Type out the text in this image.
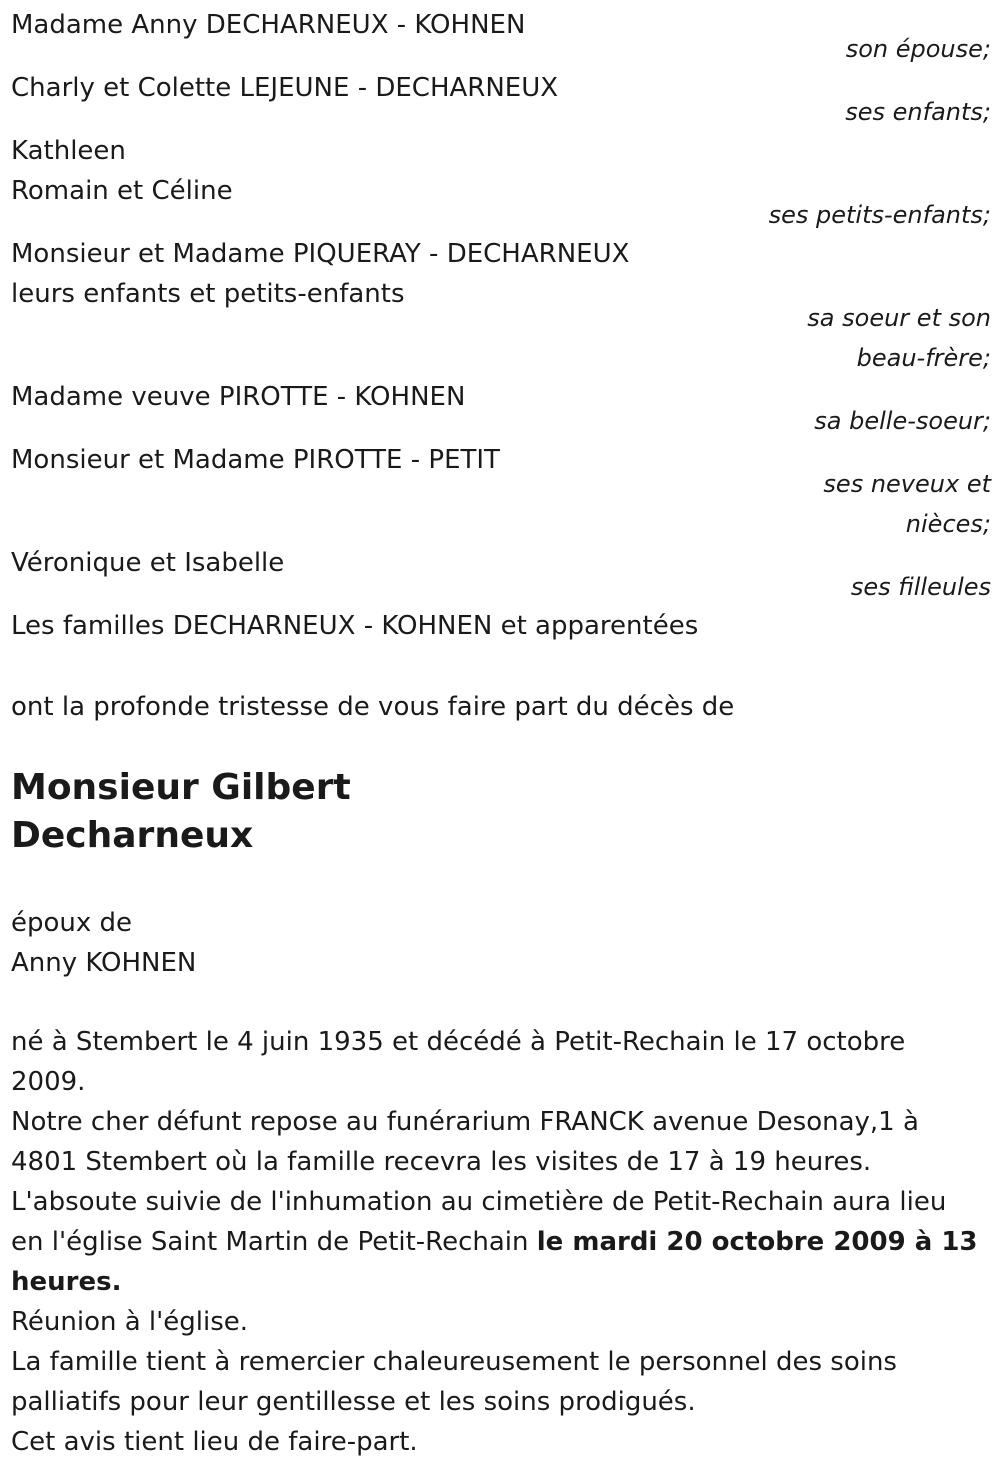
Madame Anny DECHARNEUX - KOHNEN
son épouse;
Charly et Colette LEJEUNE - DECHARNEUX
ses enfants;
Kathleen
Romain et Céline
ses petits-enfants;
Monsieur et Madame PIQUERAY - DECHARNEUX
leurs enfants et petits-enfants
sa soeur et son
beau-frère;
Madame veuve PIROTTE - KOHNEN
sa belle-soeur;
Monsieur et Madame PIROTTE - PETIT
ses neveux et
nièces;
Véronique et Isabelle
ses filleules
Les familles DECHARNEUX - KOHNEN et apparentées
ont la profonde tristesse de vous faire part du décès de
Monsieur Gilbert
Decharneux
époux de
Anny KOHNEN

né à Stembert le 4 juin 1935 et décédé à Petit-Rechain le 17 octobre 2009.

Notre cher défunt repose au funérarium FRANCK avenue Desonay,1 à 4801 Stembert où la famille recevra les visites de 17 à 19 heures.

L'absoute suivie de l'inhumation au cimetière de Petit-Rechain aura lieu en l'église Saint Martin de Petit-Rechain le mardi 20 octobre 2009 à 13 heures.

Réunion à l'église.

La famille tient à remercier chaleureusement le personnel des soins palliatifs pour leur gentillesse et les soins prodigués.

Cet avis tient lieu de faire-part.
